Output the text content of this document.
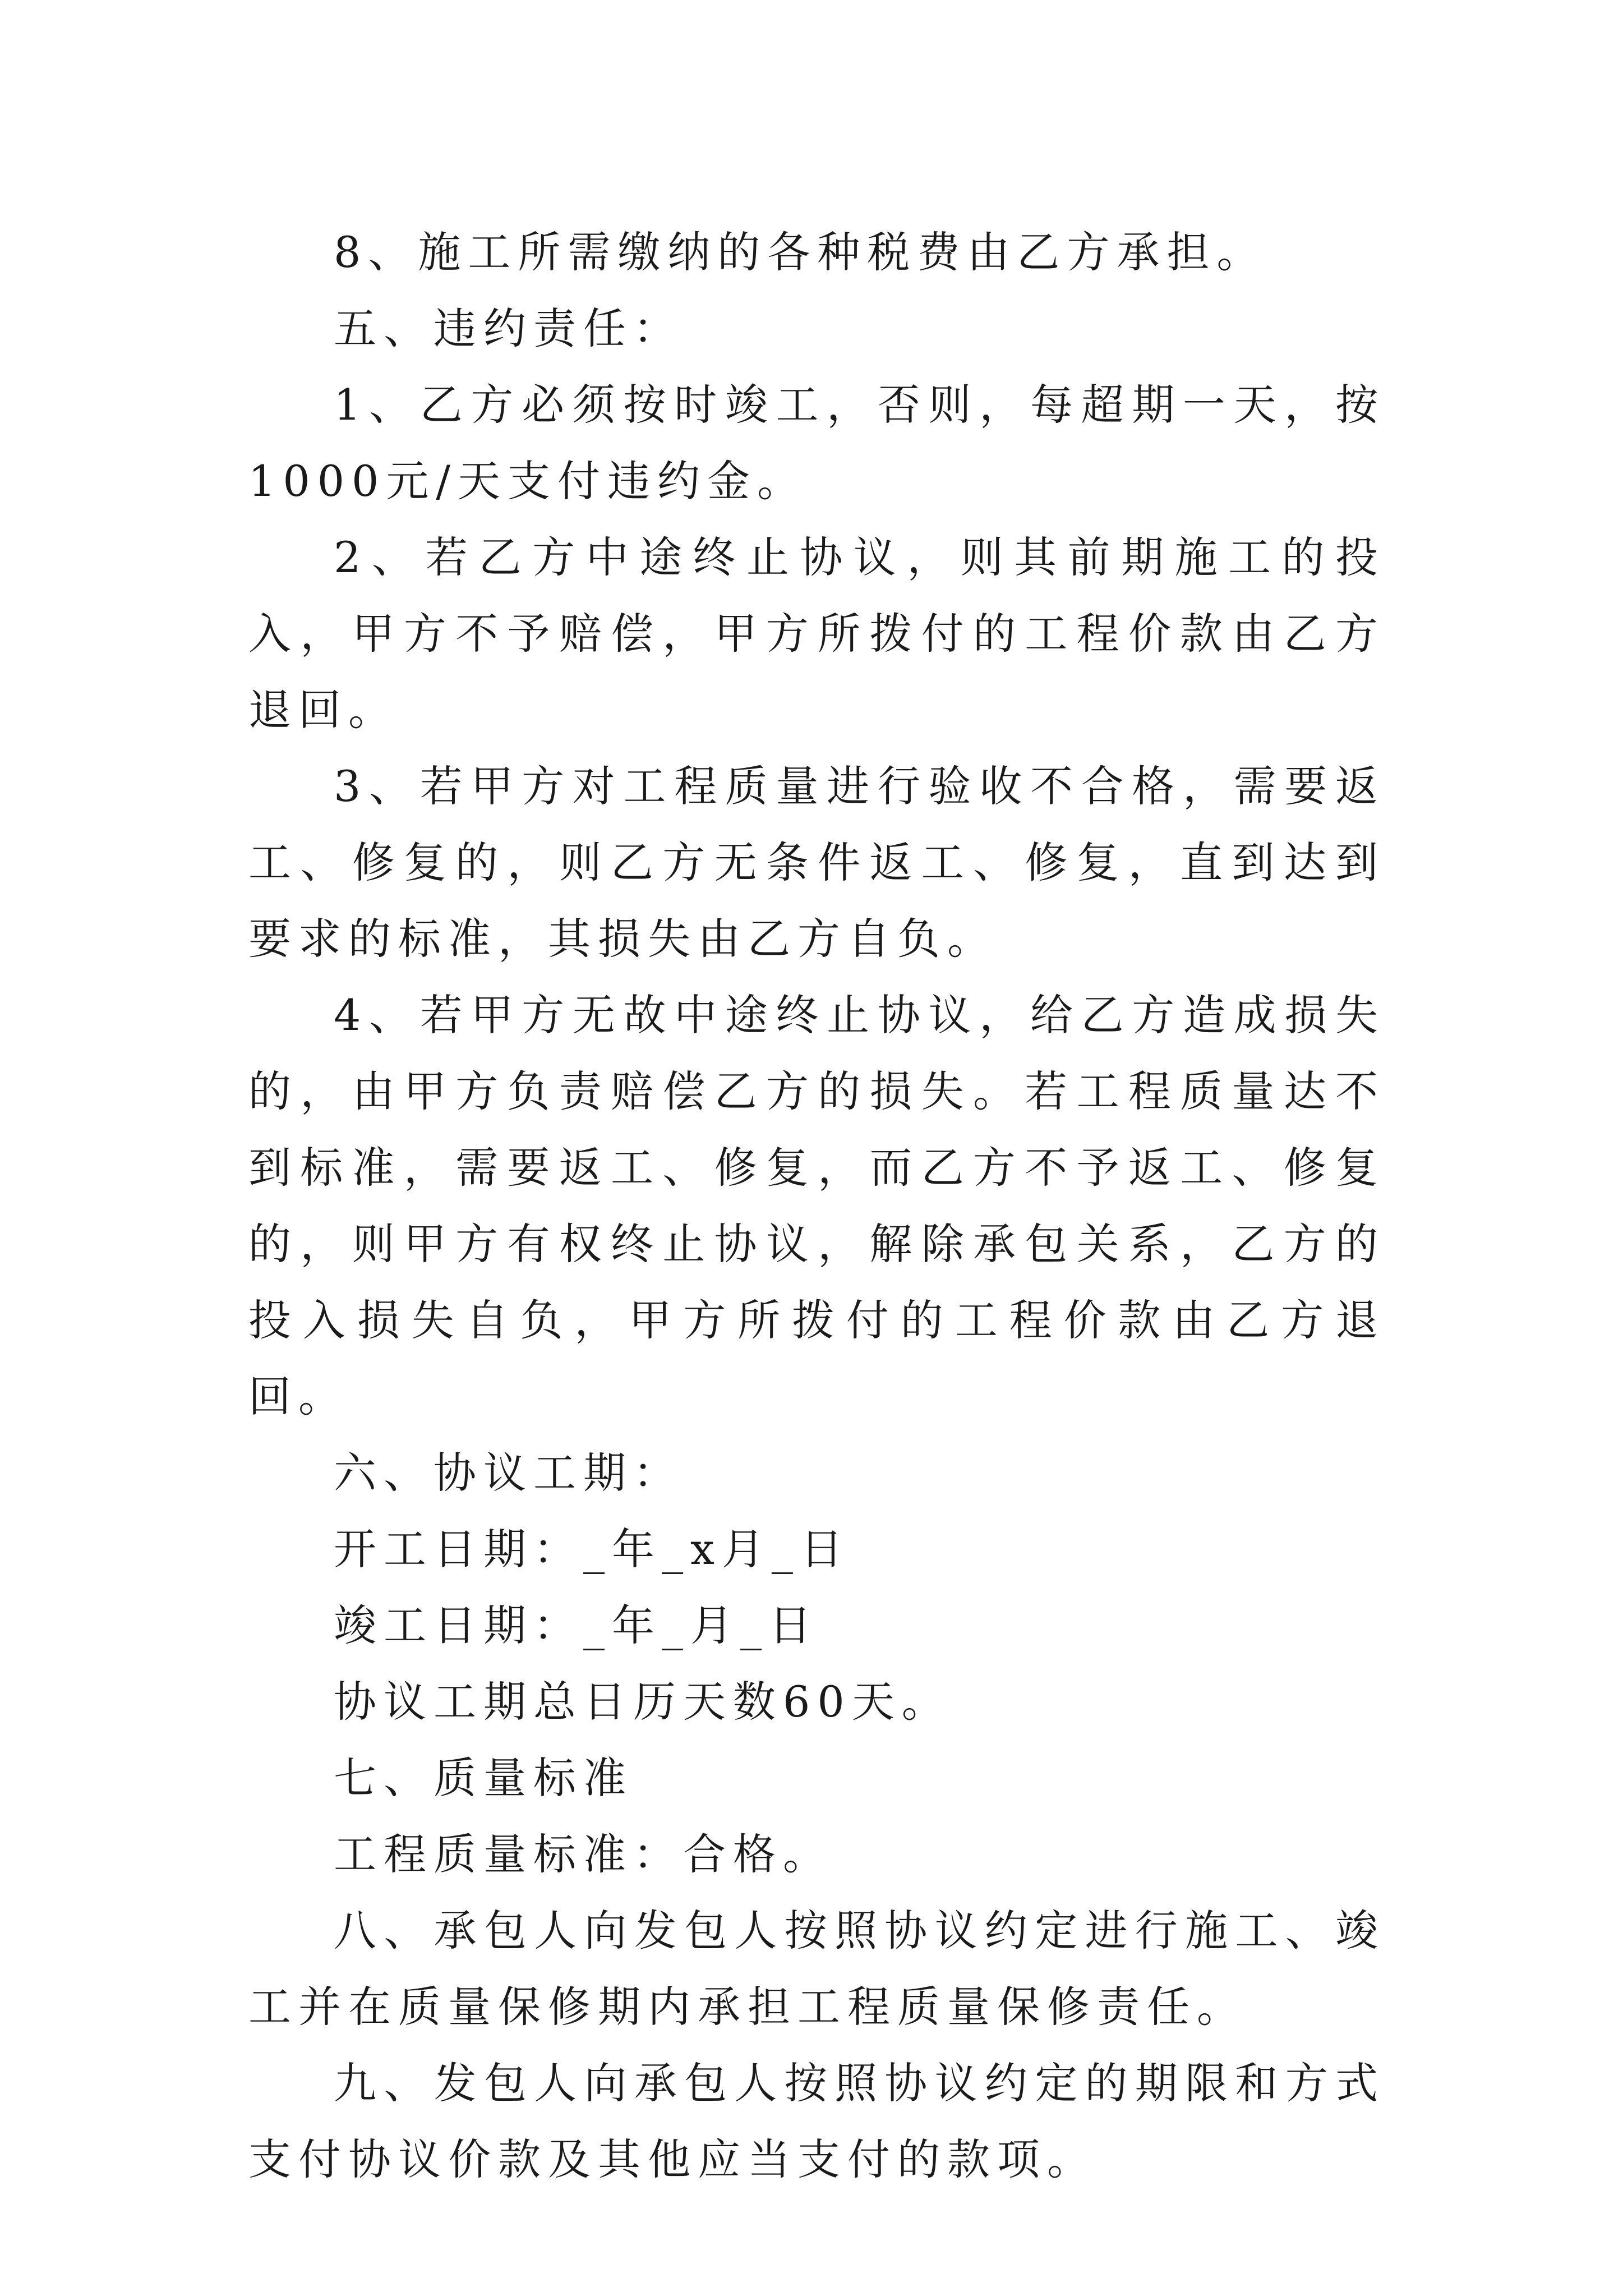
8、施工所需缴纳的各种税费由乙方承担。

五、违约责任：

1、乙方必须按时竣工，否则，每超期一天，按1000元/天支付违约金。

2、若乙方中途终止协议，则其前期施工的投入，甲方不予赔偿，甲方所拨付的工程价款由乙方退回。

3、若甲方对工程质量进行验收不合格，需要返工、修复的，则乙方无条件返工、修复，直到达到要求的标准，其损失由乙方自负。

4、若甲方无故中途终止协议，给乙方造成损失的，由甲方负责赔偿乙方的损失。若工程质量达不到标准，需要返工、修复，而乙方不予返工、修复的，则甲方有权终止协议，解除承包关系，乙方的投入损失自负，甲方所拨付的工程价款由乙方退回。

六、协议工期：

开工日期：_年_x月_日

竣工日期：_年_月_日

协议工期总日历天数60天。

七、质量标准

工程质量标准：合格。

八、承包人向发包人按照协议约定进行施工、竣工并在质量保修期内承担工程质量保修责任。

九、发包人向承包人按照协议约定的期限和方式支付协议价款及其他应当支付的款项。
